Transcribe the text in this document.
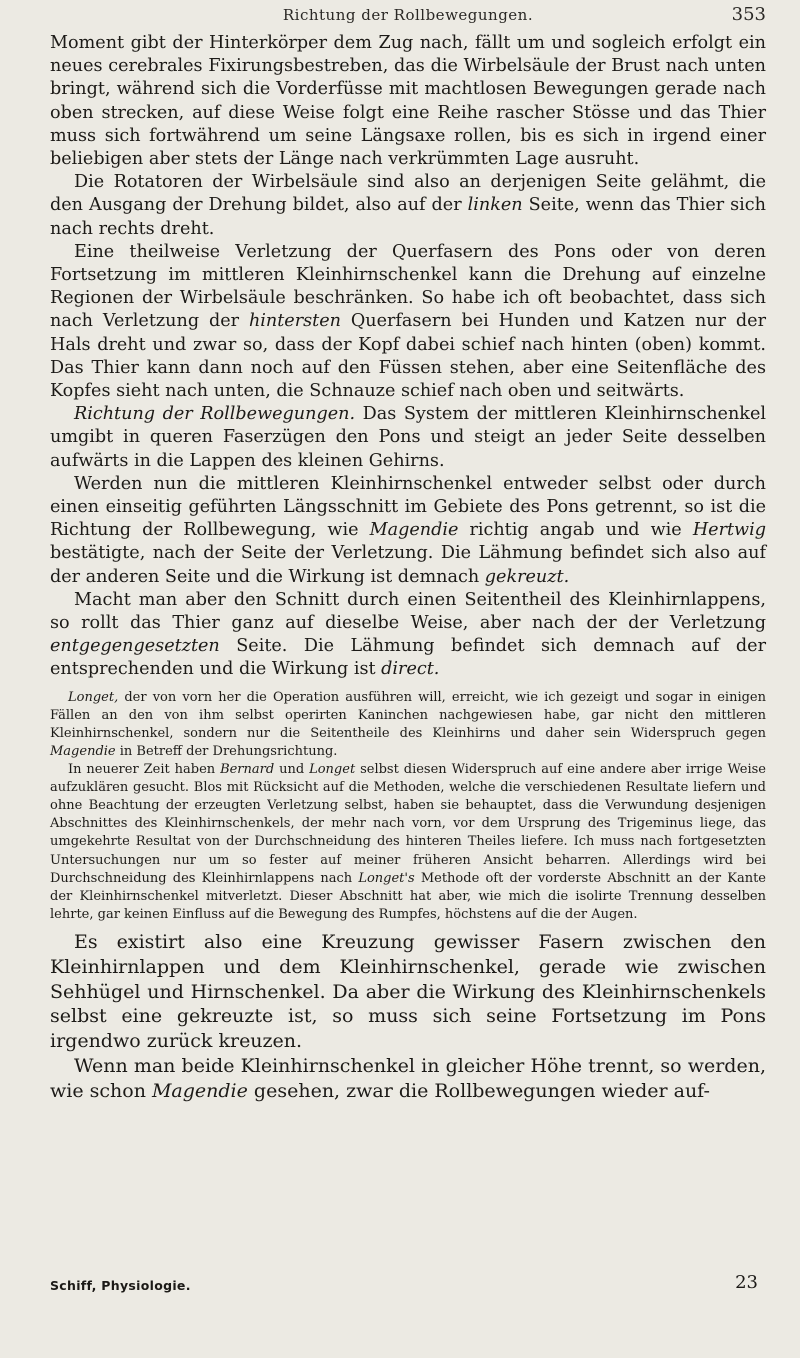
Richtung der Rollbewegungen.	353

Moment gibt der Hinterkörper dem Zug nach, fällt um und sogleich erfolgt ein neues cerebrales Fixirungsbestreben, das die Wirbelsäule der Brust nach unten bringt, während sich die Vorderfüsse mit machtlosen Bewegungen gerade nach oben strecken, auf diese Weise folgt eine Reihe rascher Stösse und das Thier muss sich fortwährend um seine Längsaxe rollen, bis es sich in irgend einer beliebigen aber stets der Länge nach verkrümmten Lage ausruht.

Die Rotatoren der Wirbelsäule sind also an derjenigen Seite gelähmt, die den Ausgang der Drehung bildet, also auf der linken Seite, wenn das Thier sich nach rechts dreht.

Eine theilweise Verletzung der Querfasern des Pons oder von deren Fortsetzung im mittleren Kleinhirnschenkel kann die Drehung auf einzelne Regionen der Wirbelsäule beschränken. So habe ich oft beobachtet, dass sich nach Verletzung der hintersten Querfasern bei Hunden und Katzen nur der Hals dreht und zwar so, dass der Kopf dabei schief nach hinten (oben) kommt. Das Thier kann dann noch auf den Füssen stehen, aber eine Seitenfläche des Kopfes sieht nach unten, die Schnauze schief nach oben und seitwärts.

Richtung der Rollbewegungen. Das System der mittleren Kleinhirnschenkel umgibt in queren Faserzügen den Pons und steigt an jeder Seite desselben aufwärts in die Lappen des kleinen Gehirns.

Werden nun die mittleren Kleinhirnschenkel entweder selbst oder durch einen einseitig geführten Längsschnitt im Gebiete des Pons getrennt, so ist die Richtung der Rollbewegung, wie Magendie richtig angab und wie Hertwig bestätigte, nach der Seite der Verletzung. Die Lähmung befindet sich also auf der anderen Seite und die Wirkung ist demnach gekreuzt.

Macht man aber den Schnitt durch einen Seitentheil des Kleinhirnlappens, so rollt das Thier ganz auf dieselbe Weise, aber nach der der Verletzung entgegengesetzten Seite. Die Lähmung befindet sich demnach auf der entsprechenden und die Wirkung ist direct.

Longet, der von vorn her die Operation ausführen will, erreicht, wie ich gezeigt und sogar in einigen Fällen an den von ihm selbst operirten Kaninchen nachgewiesen habe, gar nicht den mittleren Kleinhirnschenkel, sondern nur die Seitentheile des Kleinhirns und daher sein Widerspruch gegen Magendie in Betreff der Drehungsrichtung.

In neuerer Zeit haben Bernard und Longet selbst diesen Widerspruch auf eine andere aber irrige Weise aufzuklären gesucht. Blos mit Rücksicht auf die Methoden, welche die verschiedenen Resultate liefern und ohne Beachtung der erzeugten Verletzung selbst, haben sie behauptet, dass die Verwundung desjenigen Abschnittes des Kleinhirnschenkels, der mehr nach vorn, vor dem Ursprung des Trigeminus liege, das umgekehrte Resultat von der Durchschneidung des hinteren Theiles liefere. Ich muss nach fortgesetzten Untersuchungen nur um so fester auf meiner früheren Ansicht beharren. Allerdings wird bei Durchschneidung des Kleinhirnlappens nach Longet's Methode oft der vorderste Abschnitt an der Kante der Kleinhirnschenkel mitverletzt. Dieser Abschnitt hat aber, wie mich die isolirte Trennung desselben lehrte, gar keinen Einfluss auf die Bewegung des Rumpfes, höchstens auf die der Augen.

Es existirt also eine Kreuzung gewisser Fasern zwischen den Kleinhirnlappen und dem Kleinhirnschenkel, gerade wie zwischen Sehhügel und Hirnschenkel. Da aber die Wirkung des Kleinhirnschenkels selbst eine gekreuzte ist, so muss sich seine Fortsetzung im Pons irgendwo zurück kreuzen.

Wenn man beide Kleinhirnschenkel in gleicher Höhe trennt, so werden, wie schon Magendie gesehen, zwar die Rollbewegungen wieder auf-

Schiff, Physiologie.	23
